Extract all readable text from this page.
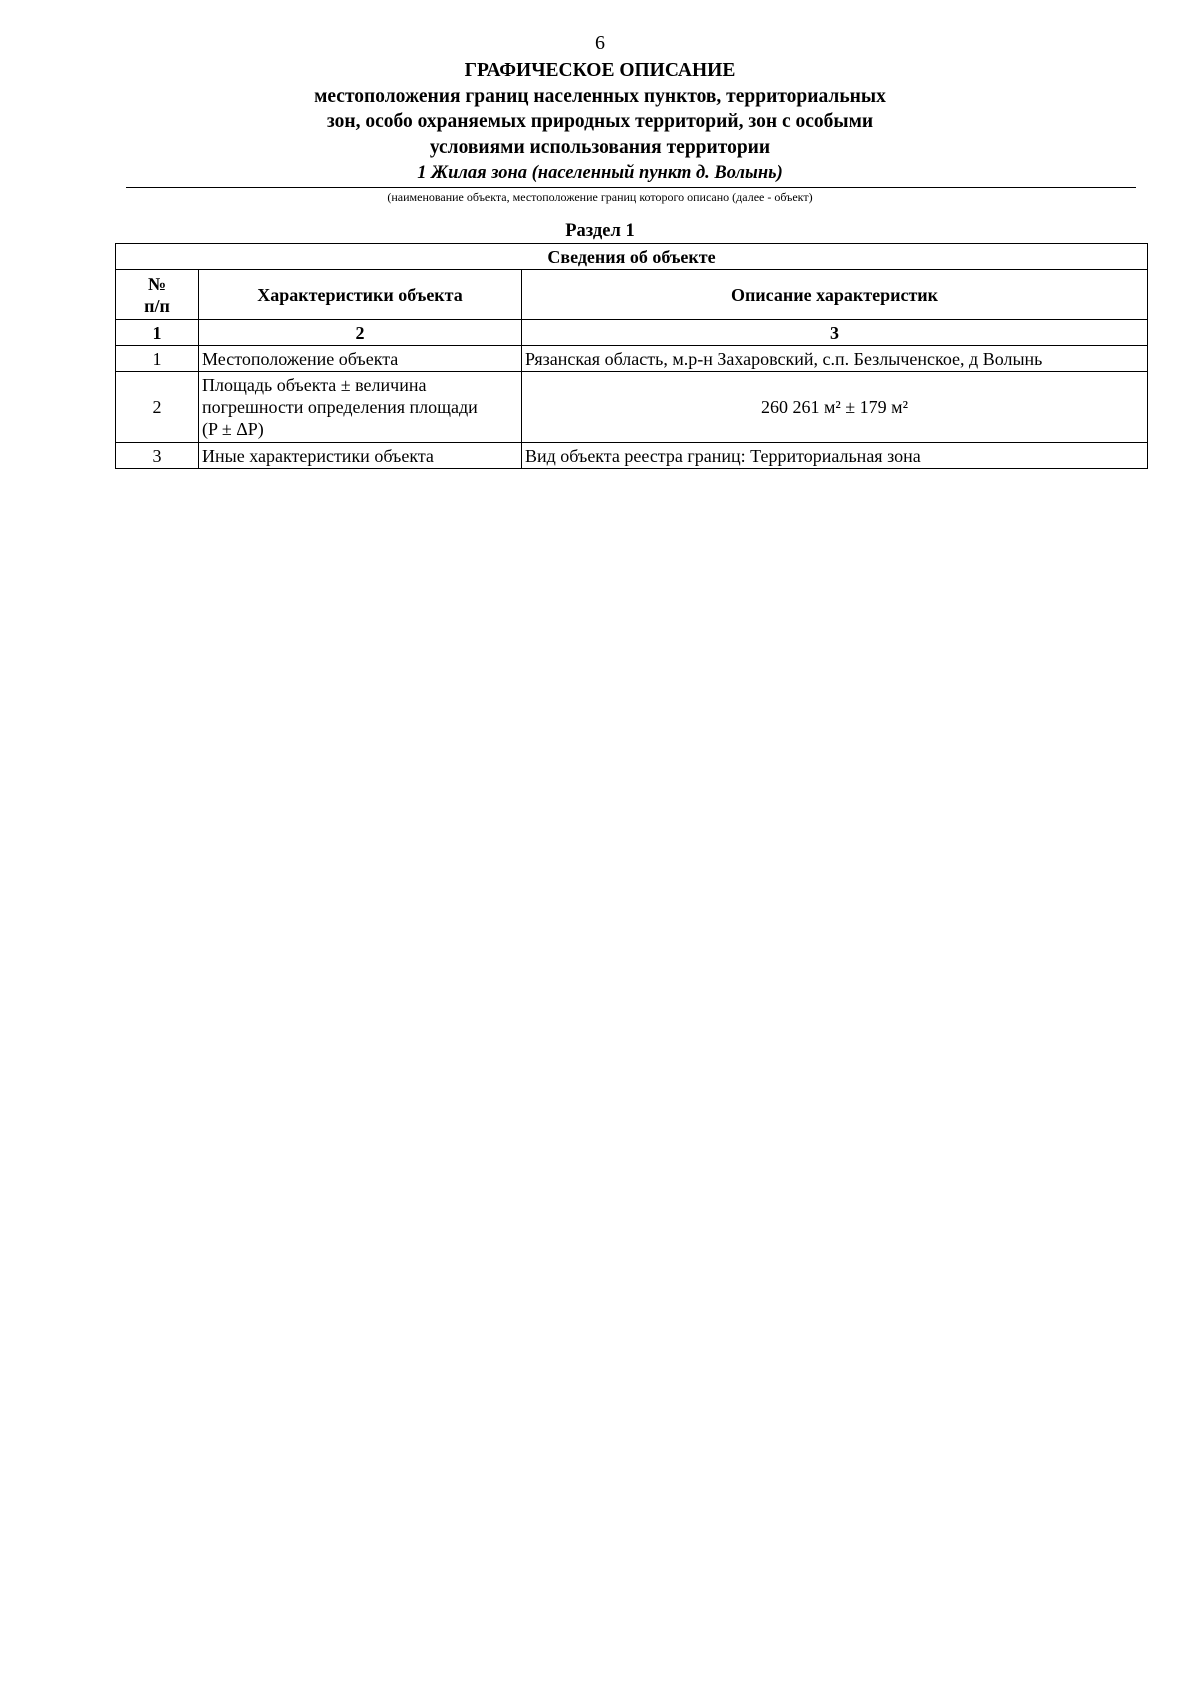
6
ГРАФИЧЕСКОЕ ОПИСАНИЕ
местоположения границ населенных пунктов, территориальных
зон, особо охраняемых природных территорий, зон с особыми
условиями использования территории
1 Жилая зона (населенный пункт д. Волынь)
(наименование объекта, местоположение границ которого описано (далее - объект)
Раздел 1
Сведения об объекте		

№
п/п	Характеристики объекта	Описание характеристик
1	2	3
1	Местоположение объекта	Рязанская область, м.р-н Захаровский, с.п. Безлыченское, д Волынь
2	Площадь объекта ± величина
погрешности определения площади
(P ± ΔP)	260 261 м² ± 179 м²
3	Иные характеристики объекта	Вид объекта реестра границ: Территориальная зона
